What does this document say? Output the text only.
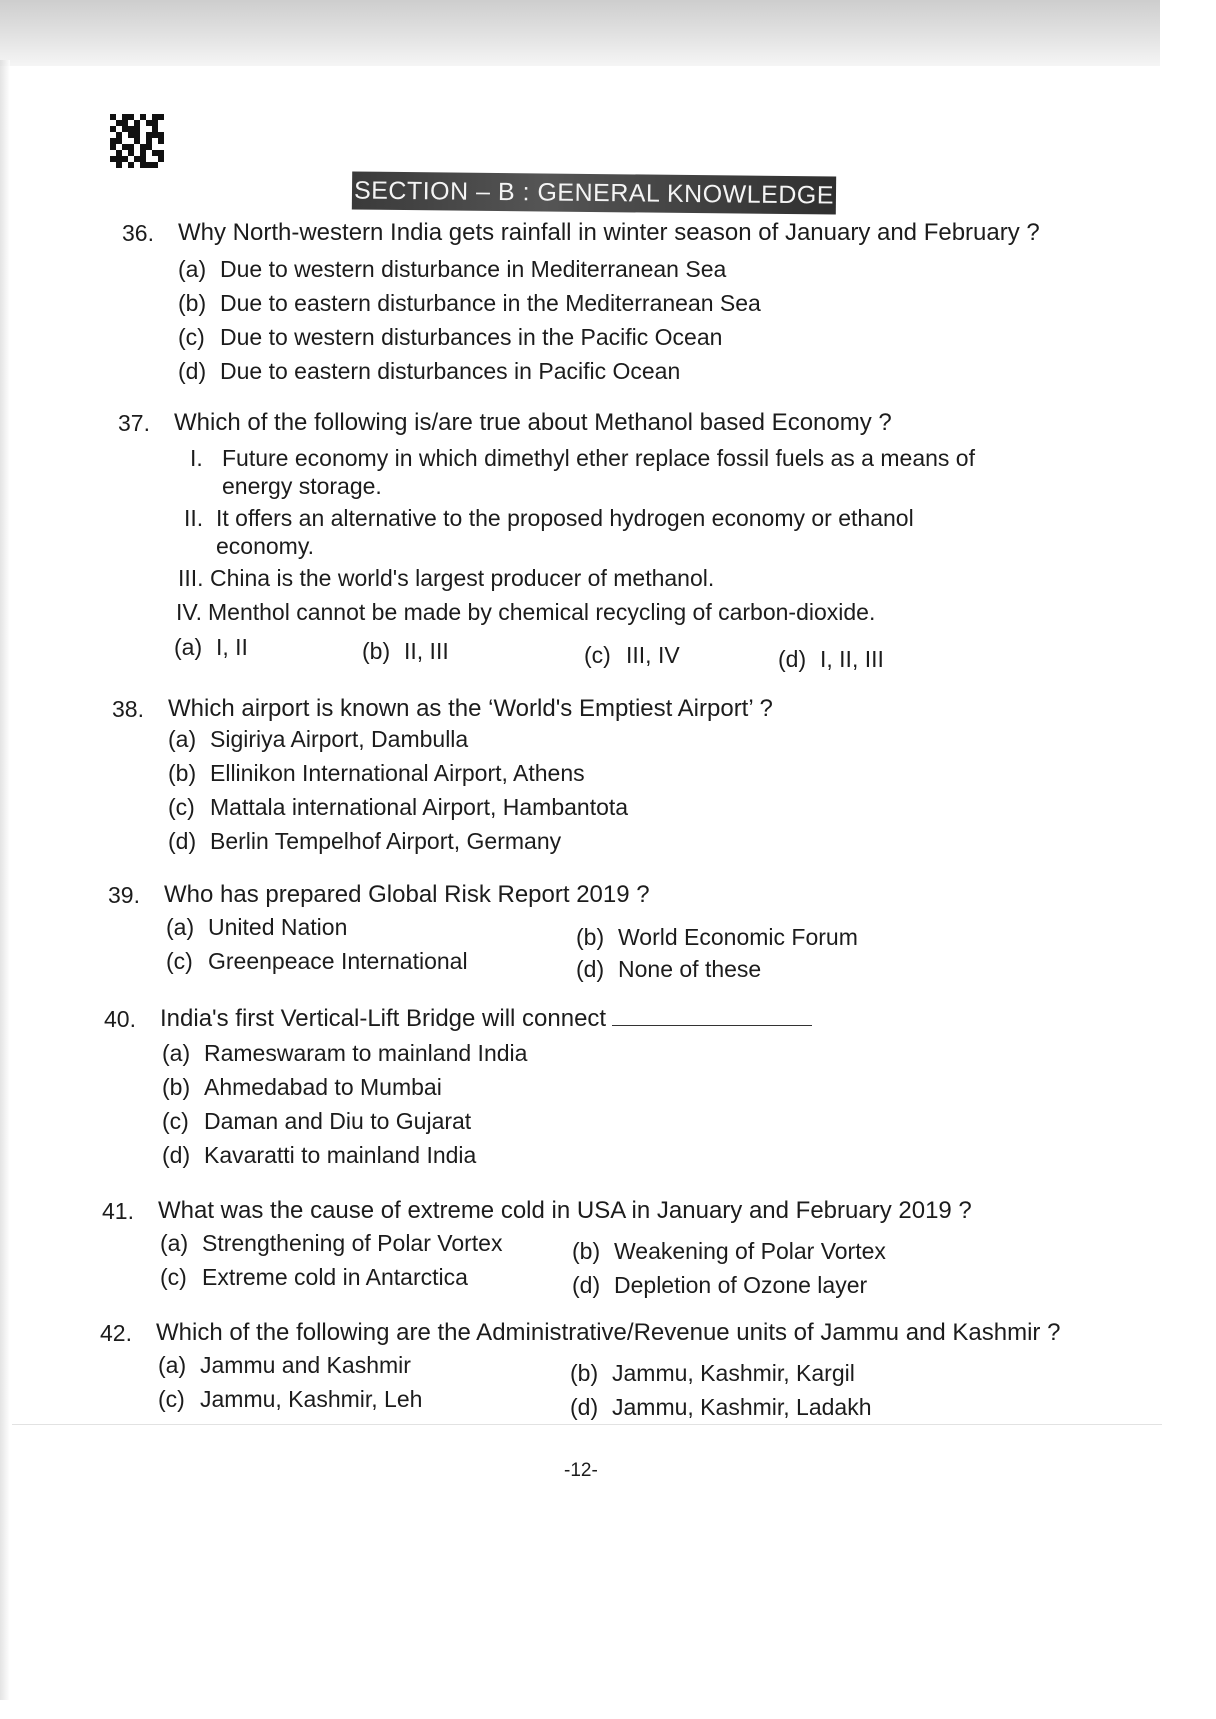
SECTION – B : GENERAL KNOWLEDGE
36. Why North-western India gets rainfall in winter season of January and February ?
(a) Due to western disturbance in Mediterranean Sea
(b) Due to eastern disturbance in the Mediterranean Sea
(c) Due to western disturbances in the Pacific Ocean
(d) Due to eastern disturbances in Pacific Ocean
37. Which of the following is/are true about Methanol based Economy ?
I. Future economy in which dimethyl ether replace fossil fuels as a means of
energy storage.
II. It offers an alternative to the proposed hydrogen economy or ethanol
economy.
III. China is the world's largest producer of methanol.
IV. Menthol cannot be made by chemical recycling of carbon-dioxide.
(a) I, II	(b) II, III	(c) III, IV	(d) I, II, III
38. Which airport is known as the ‘World's Emptiest Airport’ ?
(a) Sigiriya Airport, Dambulla
(b) Ellinikon International Airport, Athens
(c) Mattala international Airport, Hambantota
(d) Berlin Tempelhof Airport, Germany
39. Who has prepared Global Risk Report 2019 ?
(a) United Nation	(b) World Economic Forum
(c) Greenpeace International	(d) None of these
40. India's first Vertical-Lift Bridge will connect
(a) Rameswaram to mainland India
(b) Ahmedabad to Mumbai
(c) Daman and Diu to Gujarat
(d) Kavaratti to mainland India
41. What was the cause of extreme cold in USA in January and February 2019 ?
(a) Strengthening of Polar Vortex	(b) Weakening of Polar Vortex
(c) Extreme cold in Antarctica	(d) Depletion of Ozone layer
42. Which of the following are the Administrative/Revenue units of Jammu and Kashmir ?
(a) Jammu and Kashmir	(b) Jammu, Kashmir, Kargil
(c) Jammu, Kashmir, Leh	(d) Jammu, Kashmir, Ladakh
-12-
